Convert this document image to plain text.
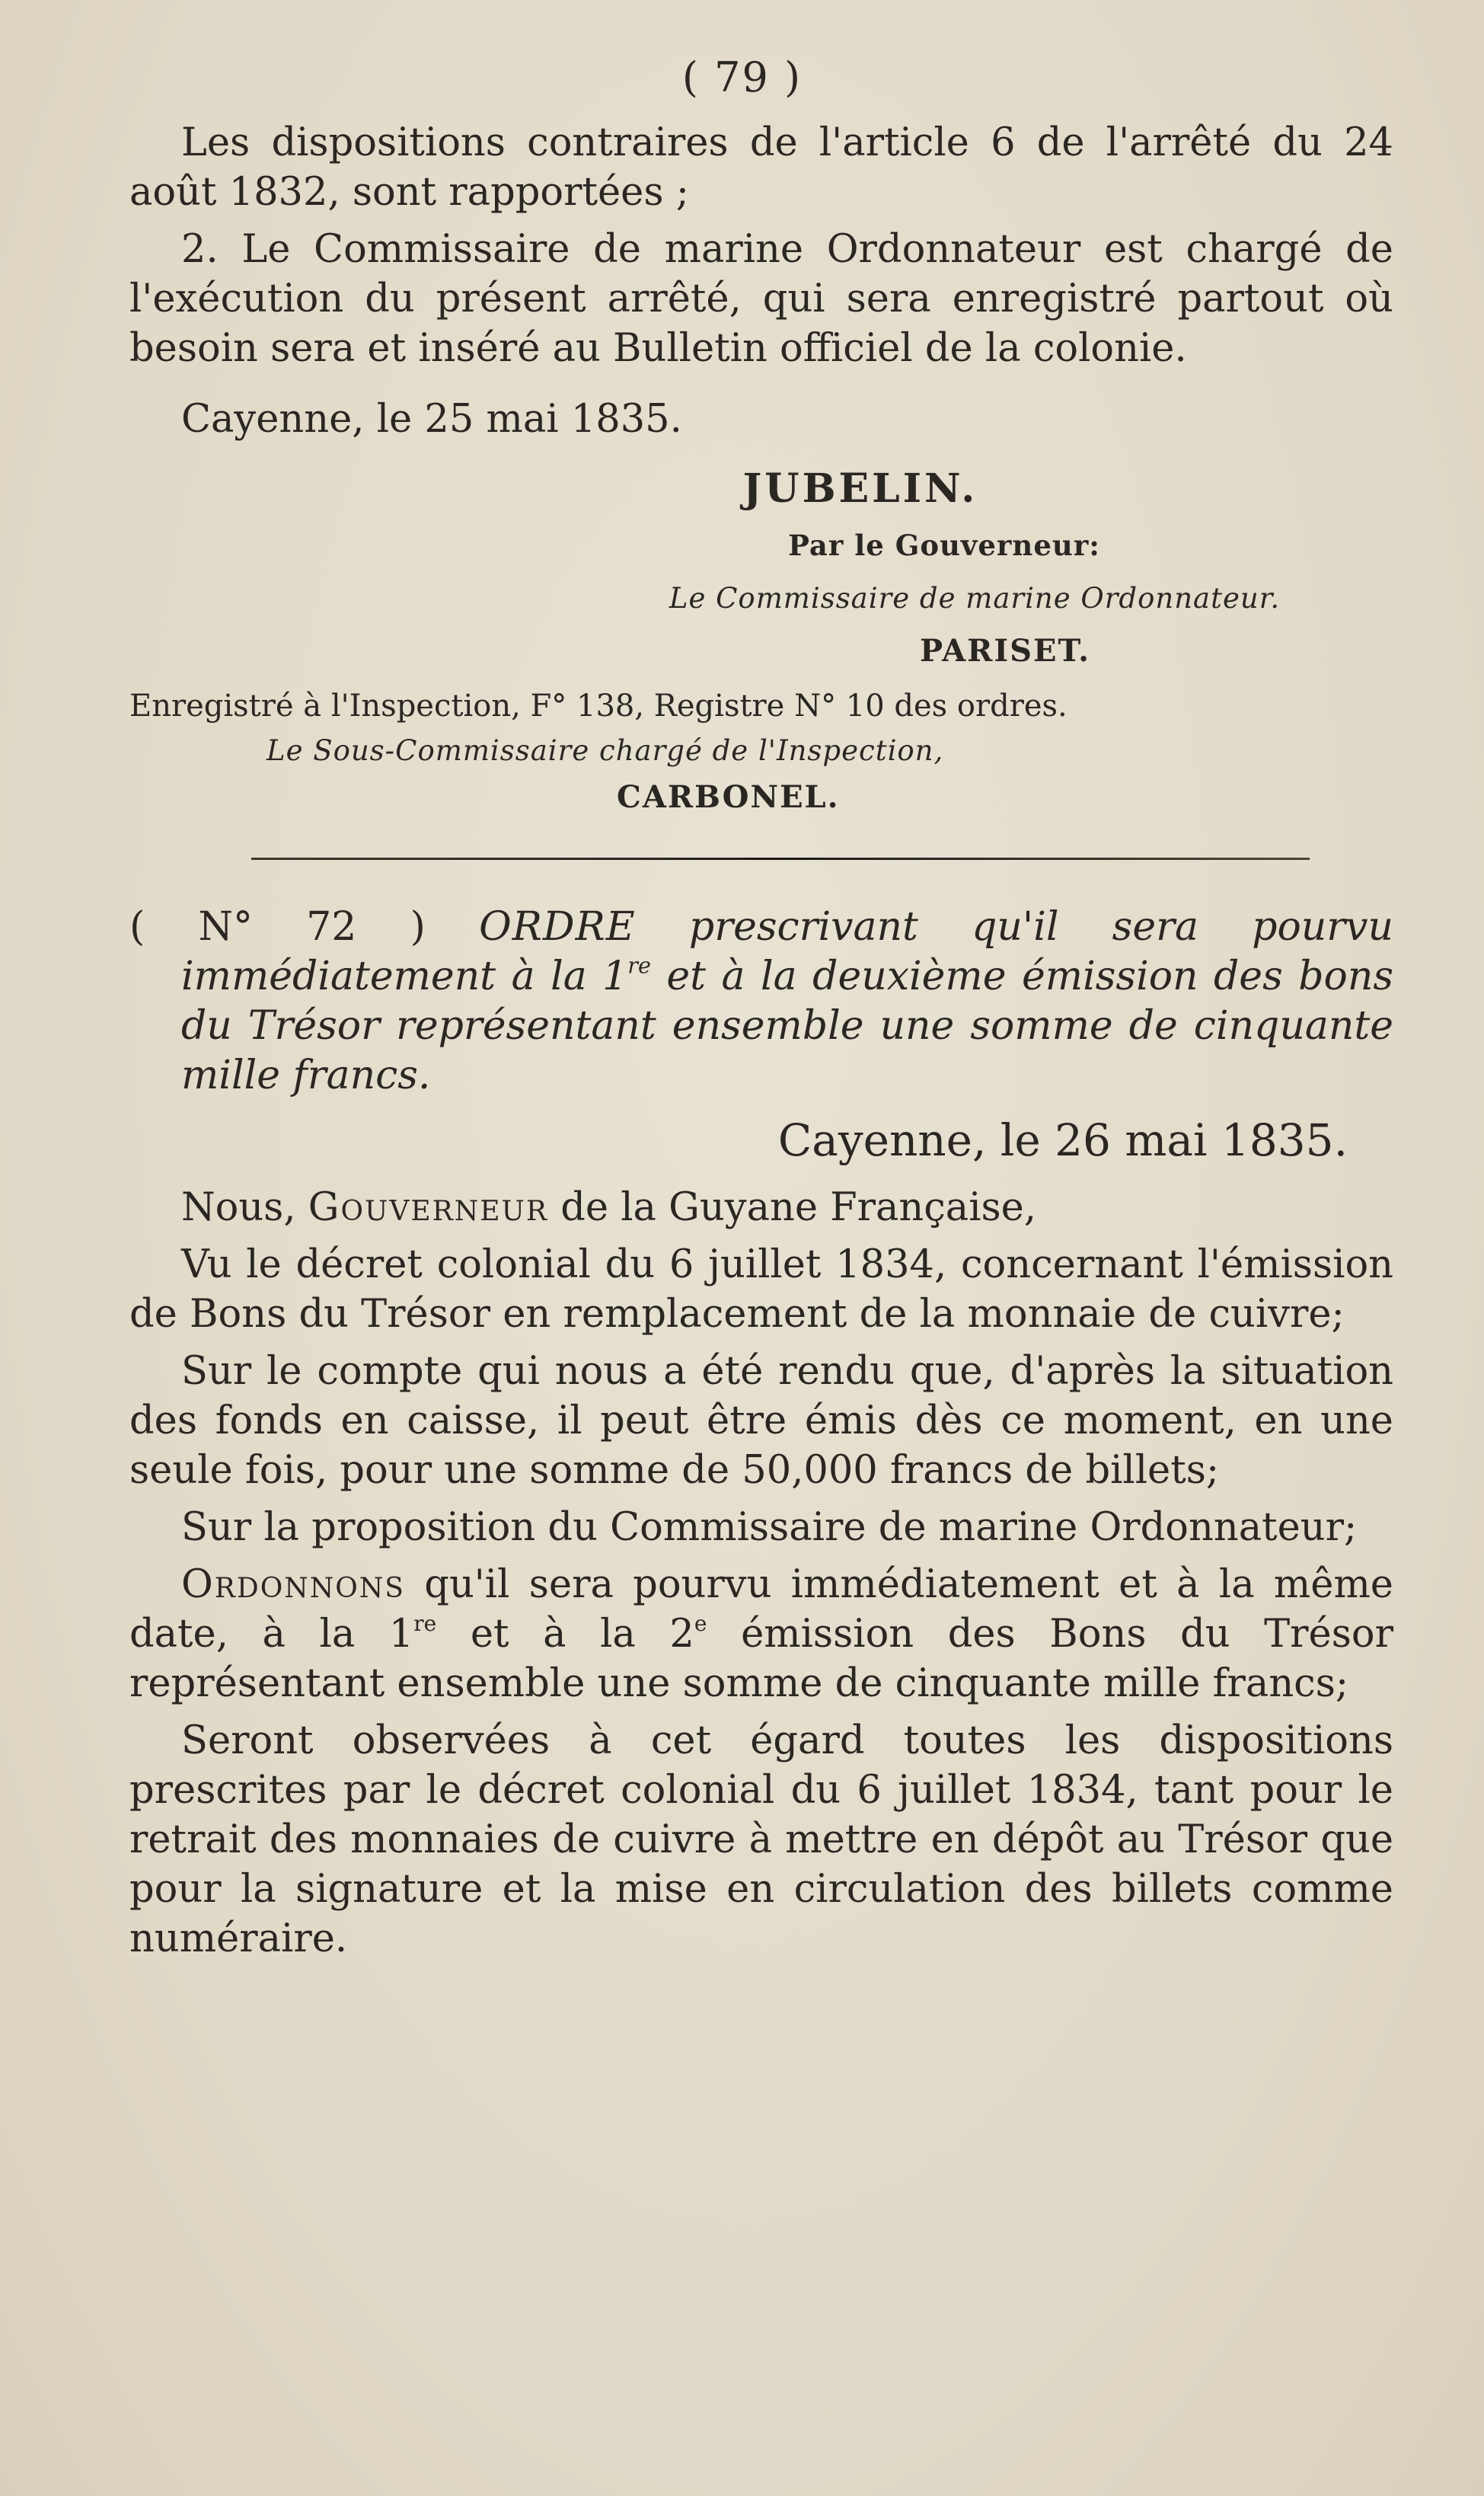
( 79 )

Les dispositions contraires de l'article 6 de l'arrêté du 24 août 1832, sont rapportées ;

2. Le Commissaire de marine Ordonnateur est chargé de l'exécution du présent arrêté, qui sera enregistré partout où besoin sera et inséré au Bulletin officiel de la colonie.

Cayenne, le 25 mai 1835.

JUBELIN.

Par le Gouverneur:

Le Commissaire de marine Ordonnateur.

PARISET.

Enregistré à l'Inspection, F° 138, Registre N° 10 des ordres.

Le Sous-Commissaire chargé de l'Inspection,

CARBONEL.

( N° 72 ) ORDRE prescrivant qu'il sera pourvu immédiatement à la 1re et à la deuxième émission des bons du Trésor représentant ensemble une somme de cinquante mille francs.

Cayenne, le 26 mai 1835.

Nous, Gouverneur de la Guyane Française,

Vu le décret colonial du 6 juillet 1834, concernant l'émission de Bons du Trésor en remplacement de la monnaie de cuivre;

Sur le compte qui nous a été rendu que, d'après la situation des fonds en caisse, il peut être émis dès ce moment, en une seule fois, pour une somme de 50,000 francs de billets;

Sur la proposition du Commissaire de marine Ordonnateur;

Ordonnons qu'il sera pourvu immédiatement et à la même date, à la 1re et à la 2e émission des Bons du Trésor représentant ensemble une somme de cinquante mille francs;

Seront observées à cet égard toutes les dispositions prescrites par le décret colonial du 6 juillet 1834, tant pour le retrait des monnaies de cuivre à mettre en dépôt au Trésor que pour la signature et la mise en circulation des billets comme numéraire.
